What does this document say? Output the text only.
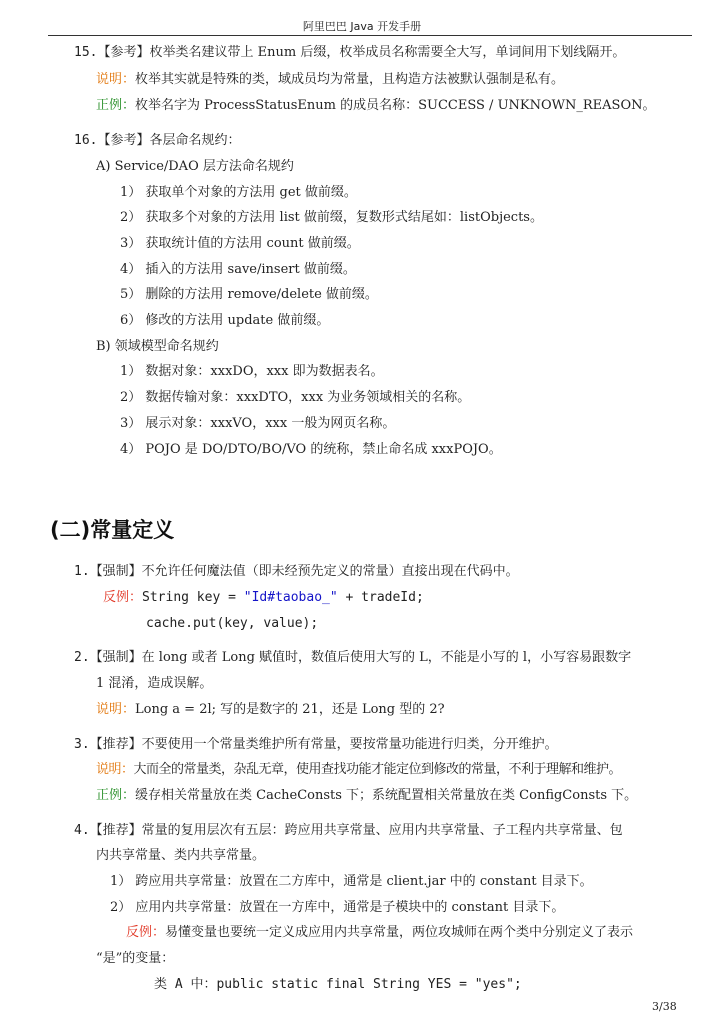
阿里巴巴 Java 开发手册
15.【参考】枚举类名建议带上 Enum 后缀，枚举成员名称需要全大写，单词间用下划线隔开。
说明：枚举其实就是特殊的类，域成员均为常量，且构造方法被默认强制是私有。
正例：枚举名字为 ProcessStatusEnum 的成员名称：SUCCESS / UNKNOWN_REASON。
16.【参考】各层命名规约：
A) Service/DAO 层方法命名规约
1） 获取单个对象的方法用 get 做前缀。
2） 获取多个对象的方法用 list 做前缀，复数形式结尾如：listObjects。
3） 获取统计值的方法用 count 做前缀。
4） 插入的方法用 save/insert 做前缀。
5） 删除的方法用 remove/delete 做前缀。
6） 修改的方法用 update 做前缀。
B) 领域模型命名规约
1） 数据对象：xxxDO，xxx 即为数据表名。
2） 数据传输对象：xxxDTO，xxx 为业务领域相关的名称。
3） 展示对象：xxxVO，xxx 一般为网页名称。
4） POJO 是 DO/DTO/BO/VO 的统称，禁止命名成 xxxPOJO。
(二)常量定义
1.【强制】不允许任何魔法值（即未经预先定义的常量）直接出现在代码中。
反例：String key = "Id#taobao_" + tradeId;
cache.put(key, value);
2.【强制】在 long 或者 Long 赋值时，数值后使用大写的 L，不能是小写的 l，小写容易跟数字
1 混淆，造成误解。
说明：Long a = 2l; 写的是数字的 21，还是 Long 型的 2?
3.【推荐】不要使用一个常量类维护所有常量，要按常量功能进行归类，分开维护。
说明：大而全的常量类，杂乱无章，使用查找功能才能定位到修改的常量，不利于理解和维护。
正例：缓存相关常量放在类 CacheConsts 下；系统配置相关常量放在类 ConfigConsts 下。
4.【推荐】常量的复用层次有五层：跨应用共享常量、应用内共享常量、子工程内共享常量、包
内共享常量、类内共享常量。
1） 跨应用共享常量：放置在二方库中，通常是 client.jar 中的 constant 目录下。
2） 应用内共享常量：放置在一方库中，通常是子模块中的 constant 目录下。
反例：易懂变量也要统一定义成应用内共享常量，两位攻城师在两个类中分别定义了表示
“是”的变量：
类 A 中：public static final String YES = "yes";
3/38
